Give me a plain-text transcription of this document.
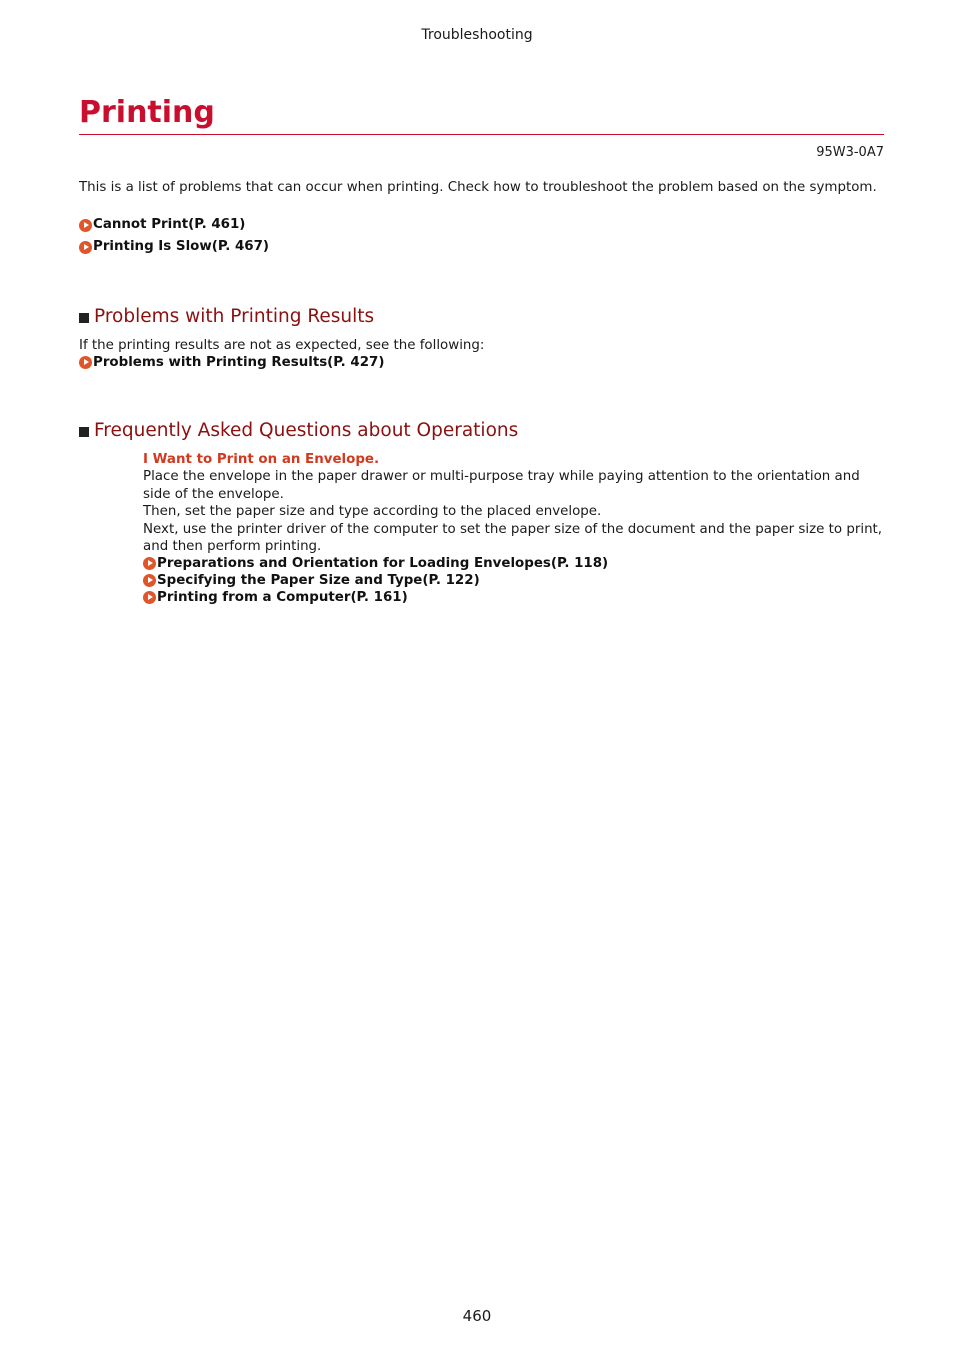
Troubleshooting
Printing
95W3-0A7
This is a list of problems that can occur when printing. Check how to troubleshoot the problem based on the symptom.
Cannot Print(P. 461)
Printing Is Slow(P. 467)
Problems with Printing Results
If the printing results are not as expected, see the following:
Problems with Printing Results(P. 427)
Frequently Asked Questions about Operations
I Want to Print on an Envelope.
Place the envelope in the paper drawer or multi-purpose tray while paying attention to the orientation and side of the envelope.
Then, set the paper size and type according to the placed envelope.
Next, use the printer driver of the computer to set the paper size of the document and the paper size to print, and then perform printing.
Preparations and Orientation for Loading Envelopes(P. 118)
Specifying the Paper Size and Type(P. 122)
Printing from a Computer(P. 161)
460
